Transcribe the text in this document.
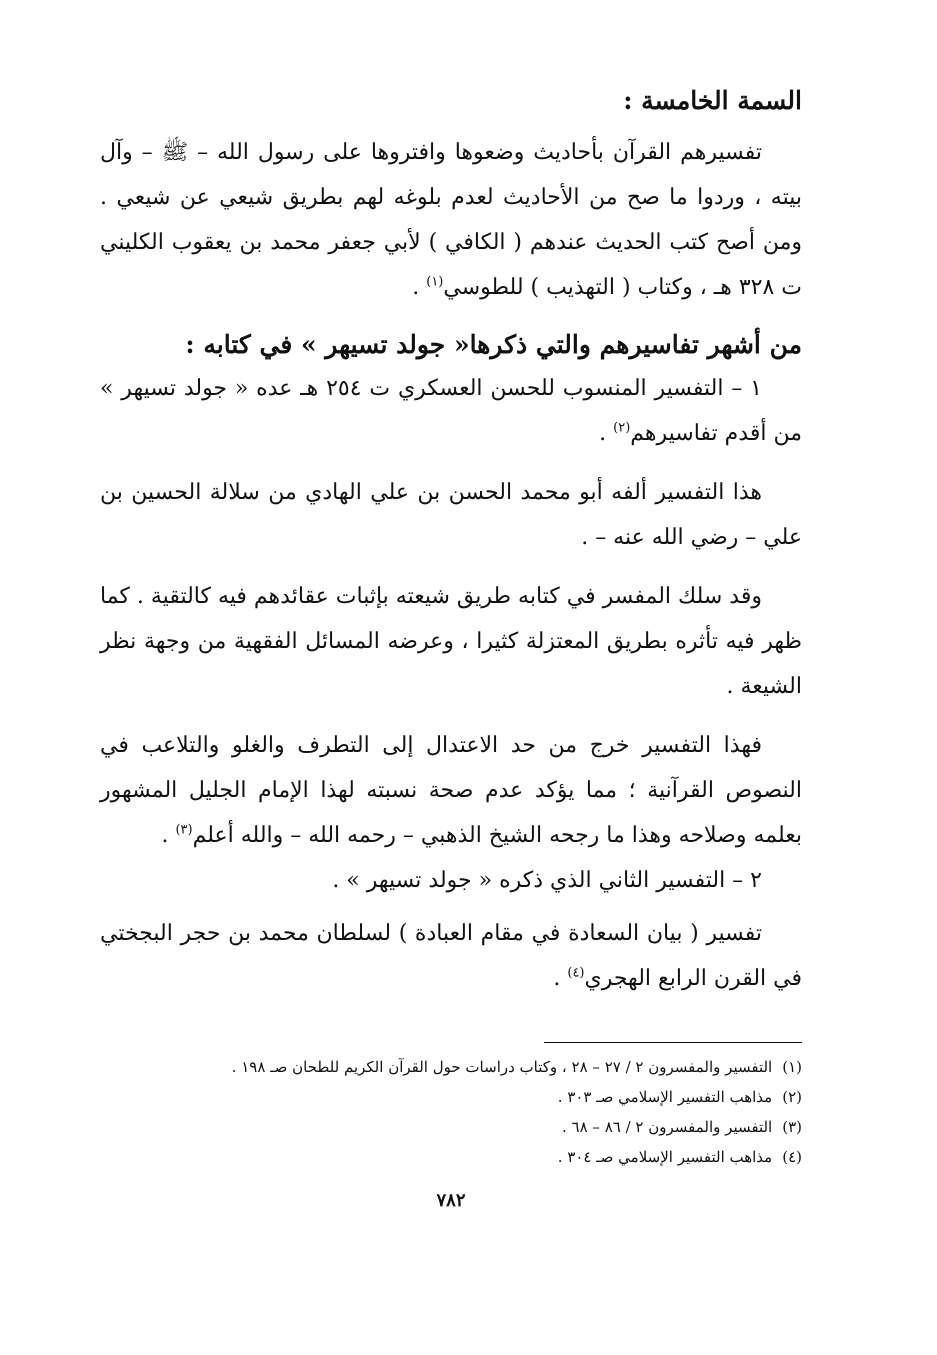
السمة الخامسة :

تفسيرهم القرآن بأحاديث وضعوها وافتروها على رسول الله – ﷺ – وآل بيته ، وردوا ما صح من الأحاديث لعدم بلوغه لهم بطريق شيعي عن شيعي . ومن أصح كتب الحديث عندهم ( الكافي ) لأبي جعفر محمد بن يعقوب الكليني ت ٣٢٨ هـ ، وكتاب ( التهذيب ) للطوسي$^{(١)}$ .

من أشهر تفاسيرهم والتي ذكرها« جولد تسيهر » في كتابه :

١ – التفسير المنسوب للحسن العسكري ت ٢٥٤ هـ عده « جولد تسيهر » من أقدم تفاسيرهم$^{(٢)}$ .

هذا التفسير ألفه أبو محمد الحسن بن علي الهادي من سلالة الحسين بن علي – رضي الله عنه – .

وقد سلك المفسر في كتابه طريق شيعته بإثبات عقائدهم فيه كالتقية . كما ظهر فيه تأثره بطريق المعتزلة كثيرا ، وعرضه المسائل الفقهية من وجهة نظر الشيعة .

فهذا التفسير خرج من حد الاعتدال إلى التطرف والغلو والتلاعب في النصوص القرآنية ؛ مما يؤكد عدم صحة نسبته لهذا الإمام الجليل المشهور بعلمه وصلاحه وهذا ما رجحه الشيخ الذهبي – رحمه الله – والله أعلم$^{(٣)}$ .

٢ – التفسير الثاني الذي ذكره « جولد تسيهر » .

تفسير ( بيان السعادة في مقام العبادة ) لسلطان محمد بن حجر البجختي في القرن الرابع الهجري$^{(٤)}$ .

(١)التفسير والمفسرون ٢ / ٢٧ – ٢٨ ، وكتاب دراسات حول القرآن الكريم للطحان صـ ١٩٨ .
(٢)مذاهب التفسير الإسلامي صـ ٣٠٣ .
(٣)التفسير والمفسرون ٢ / ٨٦ – ٦٨ .
(٤)مذاهب التفسير الإسلامي صـ ٣٠٤ .
٧٨٢
